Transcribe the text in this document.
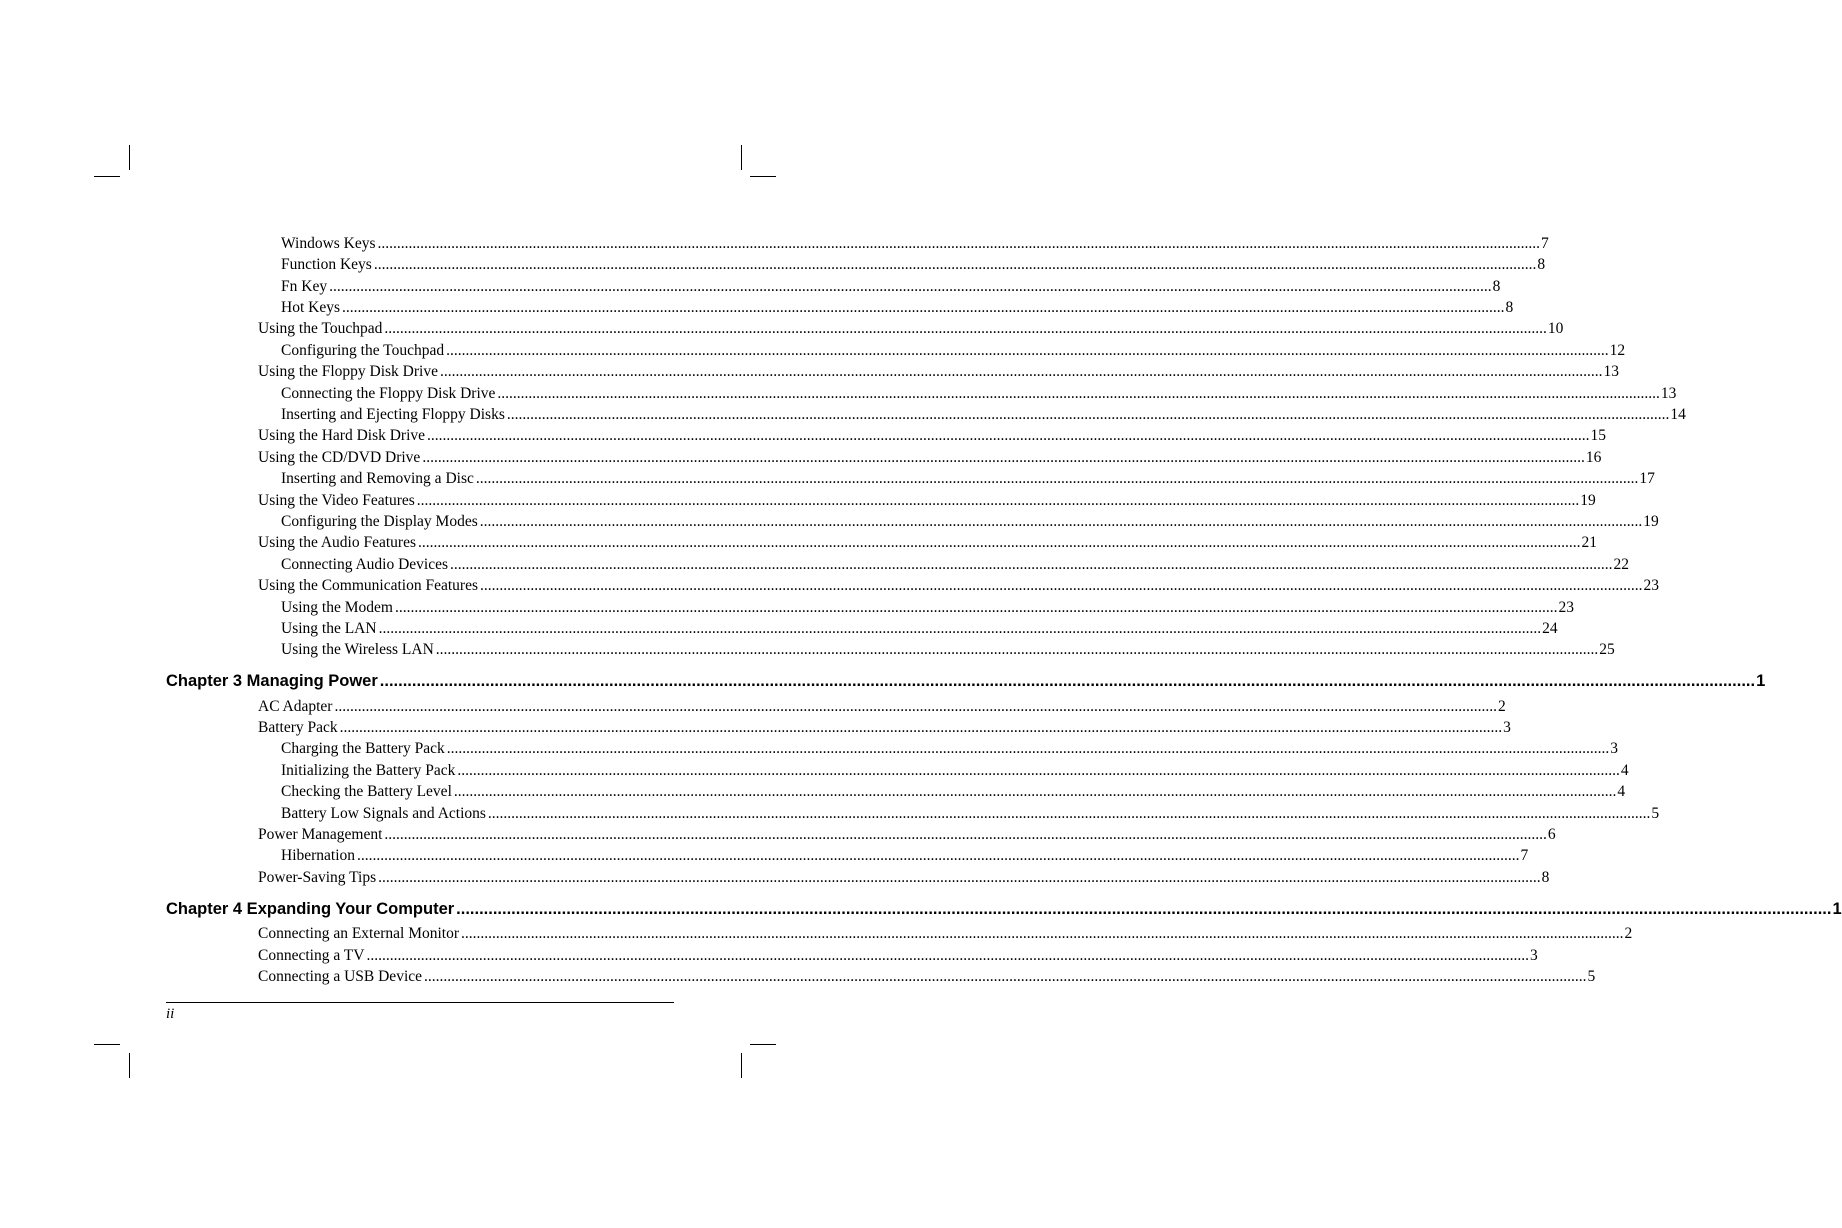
Windows Keys ............................................................................................................................................................................................................................................................................................................ 7
Function Keys ............................................................................................................................................................................................................................................................................................................ 8
Fn Key ............................................................................................................................................................................................................................................................................................................ 8
Hot Keys ............................................................................................................................................................................................................................................................................................................ 8
Using the Touchpad ............................................................................................................................................................................................................................................................................................................ 10
Configuring the Touchpad ............................................................................................................................................................................................................................................................................................................ 12
Using the Floppy Disk Drive ............................................................................................................................................................................................................................................................................................................ 13
Connecting the Floppy Disk Drive ............................................................................................................................................................................................................................................................................................................ 13
Inserting and Ejecting Floppy Disks ............................................................................................................................................................................................................................................................................................................ 14
Using the Hard Disk Drive ............................................................................................................................................................................................................................................................................................................ 15
Using the CD/DVD Drive ............................................................................................................................................................................................................................................................................................................ 16
Inserting and Removing a Disc ............................................................................................................................................................................................................................................................................................................ 17
Using the Video Features ............................................................................................................................................................................................................................................................................................................ 19
Configuring the Display Modes ............................................................................................................................................................................................................................................................................................................ 19
Using the Audio Features ............................................................................................................................................................................................................................................................................................................ 21
Connecting Audio Devices ............................................................................................................................................................................................................................................................................................................ 22
Using the Communication Features ............................................................................................................................................................................................................................................................................................................ 23
Using the Modem ............................................................................................................................................................................................................................................................................................................ 23
Using the LAN ............................................................................................................................................................................................................................................................................................................ 24
Using the Wireless LAN ............................................................................................................................................................................................................................................................................................................ 25
Chapter 3 Managing Power ............................................................................................................................................................................................................................................................................................................ 1
AC Adapter ............................................................................................................................................................................................................................................................................................................ 2
Battery Pack ............................................................................................................................................................................................................................................................................................................ 3
Charging the Battery Pack ............................................................................................................................................................................................................................................................................................................ 3
Initializing the Battery Pack ............................................................................................................................................................................................................................................................................................................ 4
Checking the Battery Level ............................................................................................................................................................................................................................................................................................................ 4
Battery Low Signals and Actions ............................................................................................................................................................................................................................................................................................................ 5
Power Management ............................................................................................................................................................................................................................................................................................................ 6
Hibernation ............................................................................................................................................................................................................................................................................................................ 7
Power-Saving Tips ............................................................................................................................................................................................................................................................................................................ 8
Chapter 4 Expanding Your Computer ............................................................................................................................................................................................................................................................................................................ 1
Connecting an External Monitor ............................................................................................................................................................................................................................................................................................................ 2
Connecting a TV ............................................................................................................................................................................................................................................................................................................ 3
Connecting a USB Device ............................................................................................................................................................................................................................................................................................................ 5
ii
